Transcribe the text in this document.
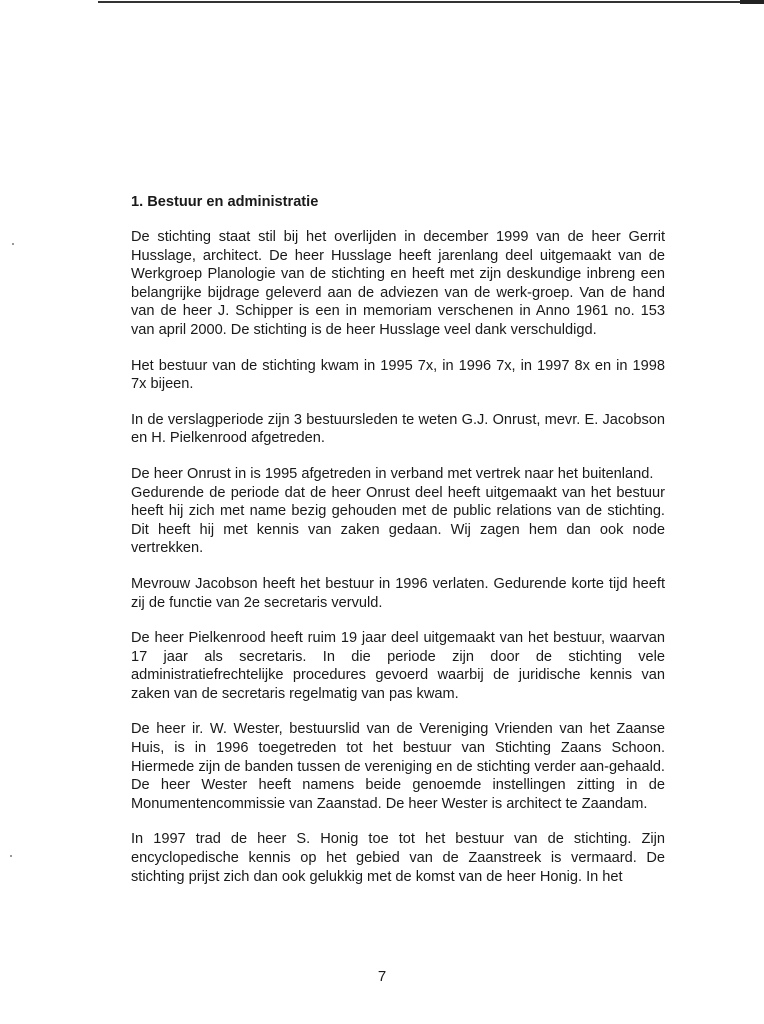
1. Bestuur en administratie

De stichting staat stil bij het overlijden in december 1999 van de heer Gerrit Husslage, architect. De heer Husslage heeft jarenlang deel uitgemaakt van de Werkgroep Planologie van de stichting en heeft met zijn deskundige inbreng een belangrijke bijdrage geleverd aan de adviezen van de werk-groep. Van de hand van de heer J. Schipper is een in memoriam verschenen in Anno 1961 no. 153 van april 2000. De stichting is de heer Husslage veel dank verschuldigd.

Het bestuur van de stichting kwam in 1995 7x, in 1996 7x, in 1997 8x en in 1998 7x bijeen.

In de verslagperiode zijn 3 bestuursleden te weten G.J. Onrust, mevr. E. Jacobson en H. Pielkenrood afgetreden.

De heer Onrust in is 1995 afgetreden in verband met vertrek naar het buitenland.

Gedurende de periode dat de heer Onrust deel heeft uitgemaakt van het bestuur heeft hij zich met name bezig gehouden met de public relations van de stichting. Dit heeft hij met kennis van zaken gedaan. Wij zagen hem dan ook node vertrekken.

Mevrouw Jacobson heeft het bestuur in 1996 verlaten. Gedurende korte tijd heeft zij de functie van 2e secretaris vervuld.

De heer Pielkenrood heeft ruim 19 jaar deel uitgemaakt van het bestuur, waarvan 17 jaar als secretaris. In die periode zijn door de stichting vele administratiefrechtelijke procedures gevoerd waarbij de juridische kennis van zaken van de secretaris regelmatig van pas kwam.

De heer ir. W. Wester, bestuurslid van de Vereniging Vrienden van het Zaanse Huis, is in 1996 toegetreden tot het bestuur van Stichting Zaans Schoon. Hiermede zijn de banden tussen de vereniging en de stichting verder aan-gehaald. De heer Wester heeft namens beide genoemde instellingen zitting in de Monumentencommissie van Zaanstad. De heer Wester is architect te Zaandam.

In 1997 trad de heer S. Honig toe tot het bestuur van de stichting. Zijn encyclopedische kennis op het gebied van de Zaanstreek is vermaard. De stichting prijst zich dan ook gelukkig met de komst van de heer Honig. In het

7
